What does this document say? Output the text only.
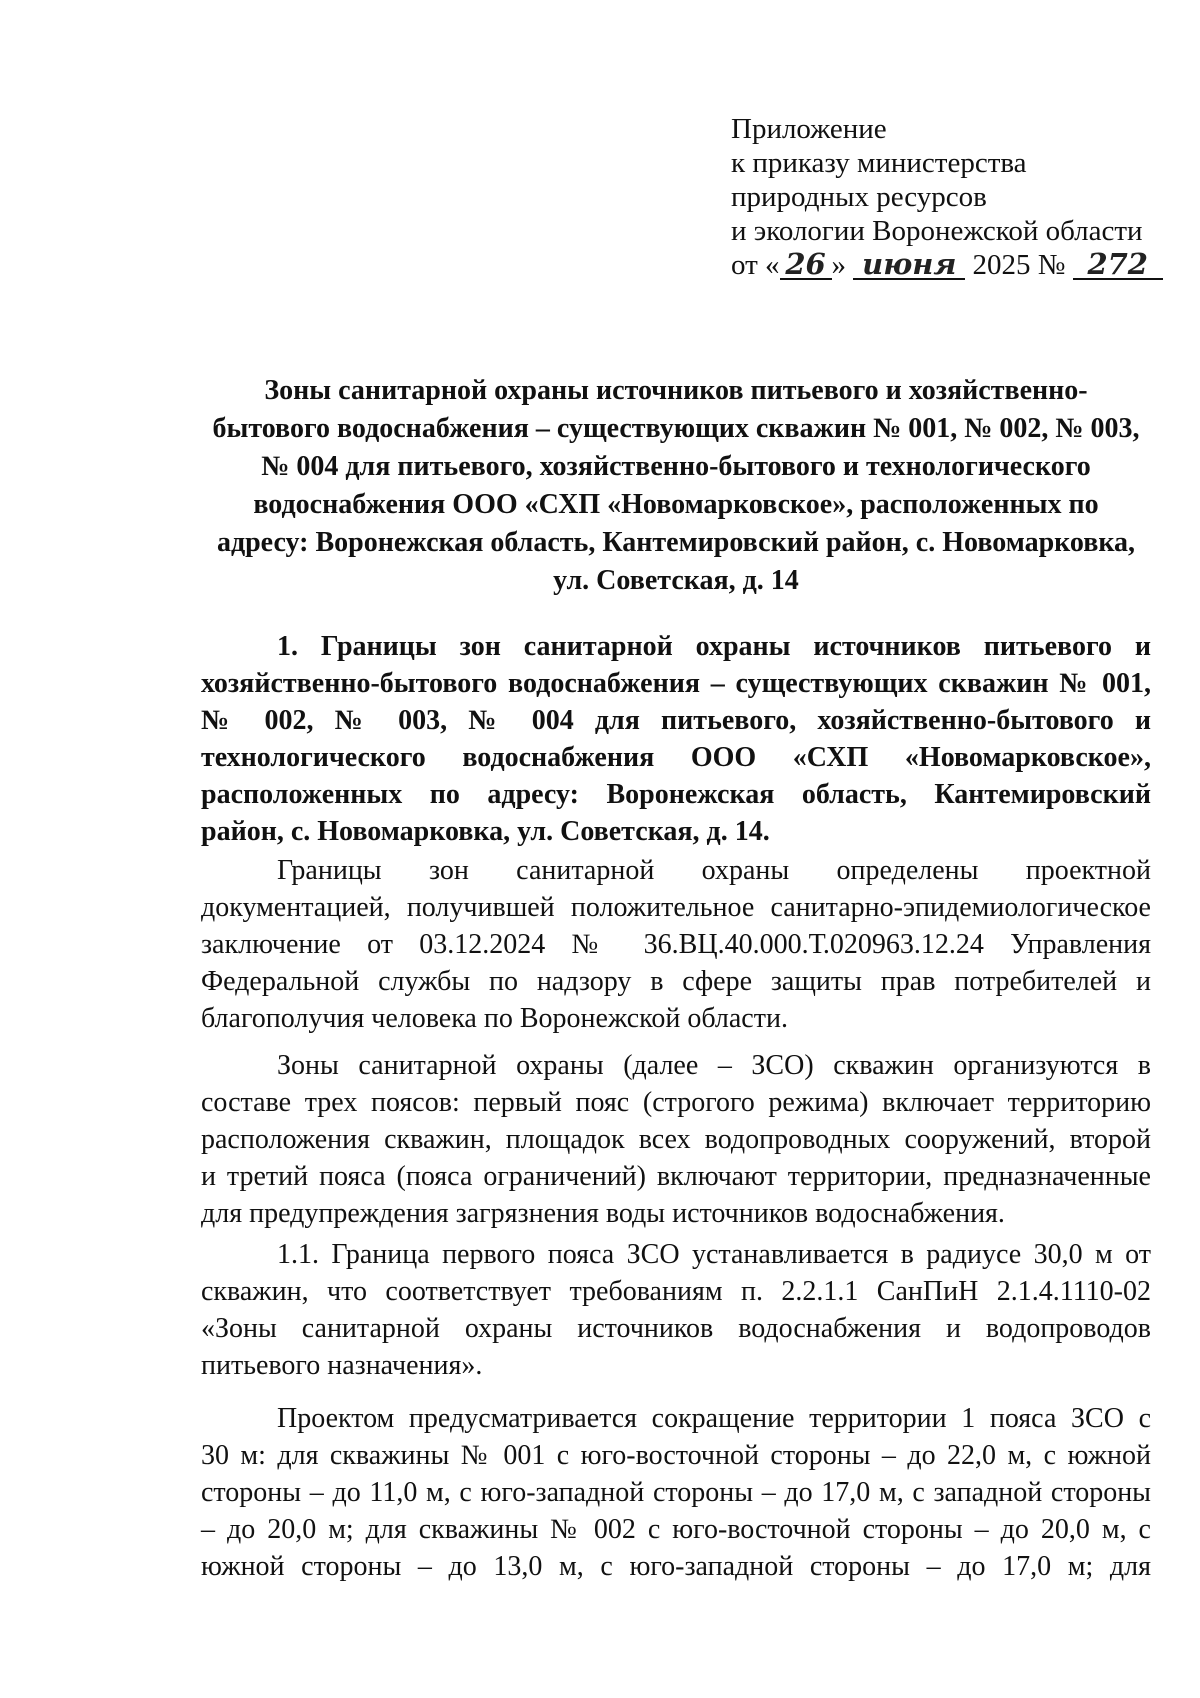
Приложение
к приказу министерства
природных ресурсов
и экологии Воронежской области
от « 26 » июня 2025 № 272
Зоны санитарной охраны источников питьевого и хозяйственно-
бытового водоснабжения – существующих скважин № 001, № 002, № 003,
№ 004 для питьевого, хозяйственно-бытового и технологического
водоснабжения ООО «СХП «Новомарковское», расположенных по
адресу: Воронежская область, Кантемировский район, с. Новомарковка,
ул. Советская, д. 14
1. Границы зон санитарной охраны источников питьевого и
хозяйственно-бытового водоснабжения – существующих скважин № 001,
№ 002, № 003, № 004 для питьевого, хозяйственно-бытового и
технологического водоснабжения ООО «СХП «Новомарковское»,
расположенных по адресу: Воронежская область, Кантемировский
район, с. Новомарковка, ул. Советская, д. 14.
Границы зон санитарной охраны определены проектной
документацией, получившей положительное санитарно-эпидемиологическое
заключение от 03.12.2024 № 36.ВЦ.40.000.Т.020963.12.24 Управления
Федеральной службы по надзору в сфере защиты прав потребителей и
благополучия человека по Воронежской области.
Зоны санитарной охраны (далее – ЗСО) скважин организуются в
составе трех поясов: первый пояс (строгого режима) включает территорию
расположения скважин, площадок всех водопроводных сооружений, второй
и третий пояса (пояса ограничений) включают территории, предназначенные
для предупреждения загрязнения воды источников водоснабжения.
1.1. Граница первого пояса ЗСО устанавливается в радиусе 30,0 м от
скважин, что соответствует требованиям п. 2.2.1.1 СанПиН 2.1.4.1110-02
«Зоны санитарной охраны источников водоснабжения и водопроводов
питьевого назначения».
Проектом предусматривается сокращение территории 1 пояса ЗСО с
30 м: для скважины № 001 с юго-восточной стороны – до 22,0 м, с южной
стороны – до 11,0 м, с юго-западной стороны – до 17,0 м, с западной стороны
– до 20,0 м; для скважины № 002 с юго-восточной стороны – до 20,0 м, с
южной стороны – до 13,0 м, с юго-западной стороны – до 17,0 м; для
